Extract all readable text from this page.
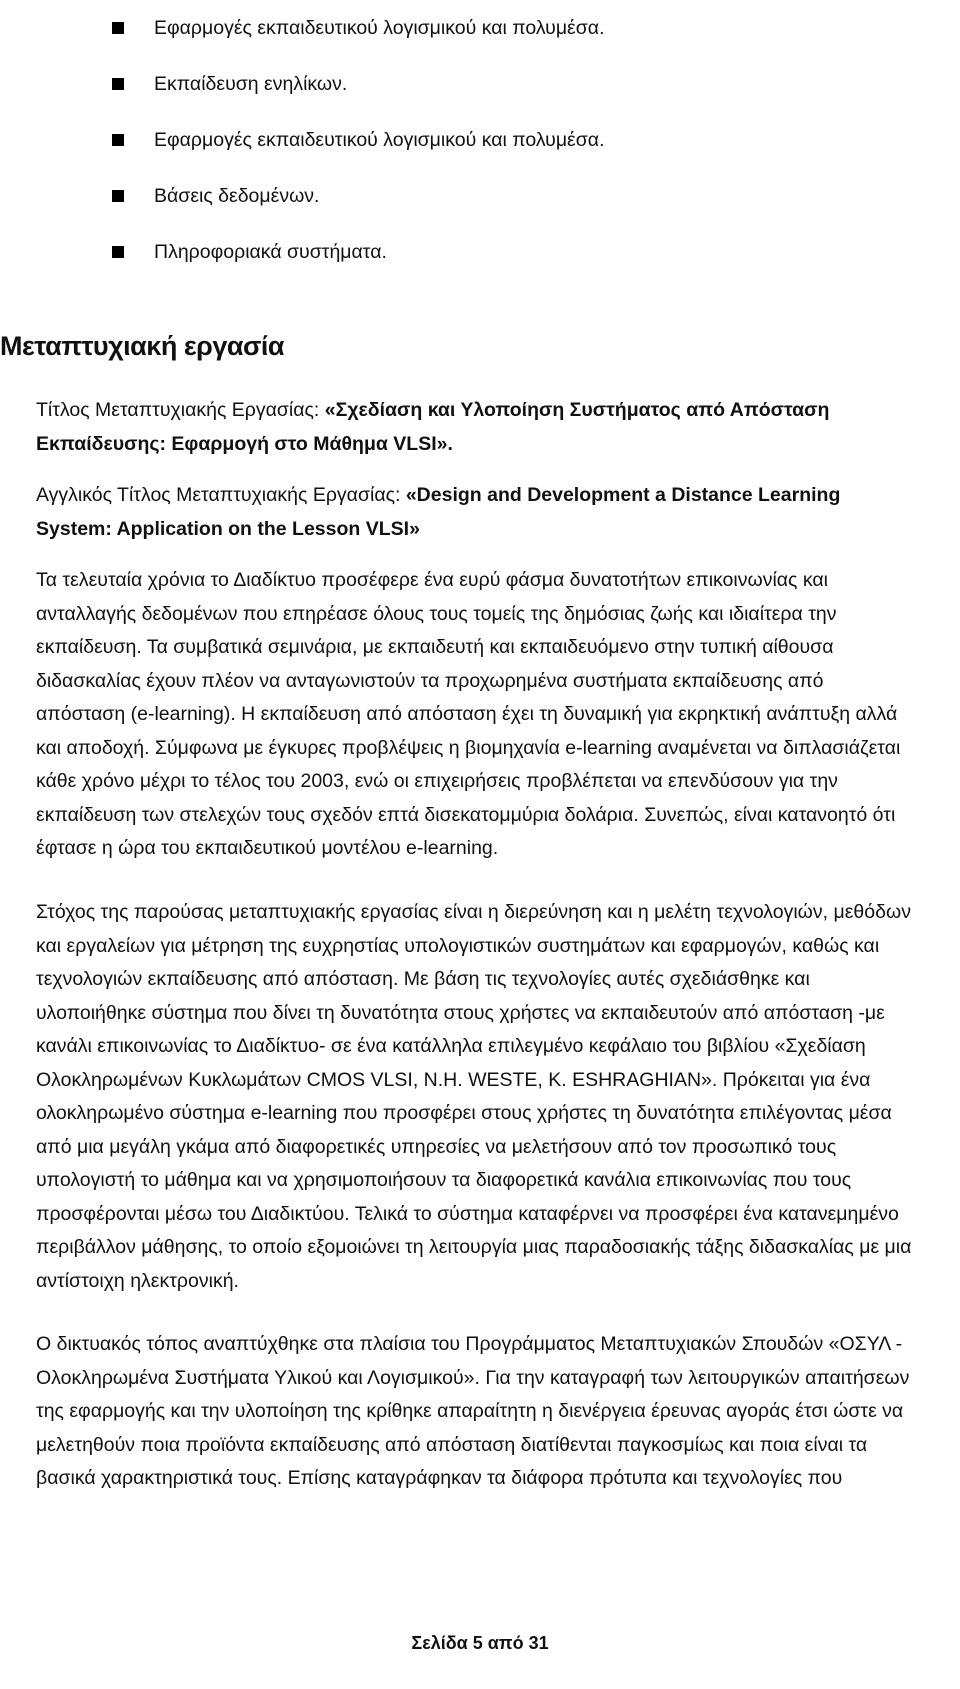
Εφαρμογές εκπαιδευτικού λογισμικού και πολυμέσα.
Εκπαίδευση ενηλίκων.
Εφαρμογές εκπαιδευτικού λογισμικού και πολυμέσα.
Βάσεις δεδομένων.
Πληροφοριακά συστήματα.
Μεταπτυχιακή εργασία

Τίτλος Μεταπτυχιακής Εργασίας: «Σχεδίαση και Υλοποίηση Συστήματος από Απόσταση Εκπαίδευσης: Εφαρμογή στο Μάθημα VLSI».

Αγγλικός Τίτλος Μεταπτυχιακής Εργασίας: «Design and Development a Distance Learning System: Application on the Lesson VLSI»

Τα τελευταία χρόνια το Διαδίκτυο προσέφερε ένα ευρύ φάσμα δυνατοτήτων επικοινωνίας και ανταλλαγής δεδομένων που επηρέασε όλους τους τομείς της δημόσιας ζωής και ιδιαίτερα την εκπαίδευση. Τα συμβατικά σεμινάρια, με εκπαιδευτή και εκπαιδευόμενο στην τυπική αίθουσα διδασκαλίας έχουν πλέον να ανταγωνιστούν τα προχωρημένα συστήματα εκπαίδευσης από απόσταση (e-learning). Η εκπαίδευση από απόσταση έχει τη δυναμική για εκρηκτική ανάπτυξη αλλά και αποδοχή. Σύμφωνα με έγκυρες προβλέψεις η βιομηχανία e-learning αναμένεται να διπλασιάζεται κάθε χρόνο μέχρι το τέλος του 2003, ενώ οι επιχειρήσεις προβλέπεται να επενδύσουν για την εκπαίδευση των στελεχών τους σχεδόν επτά δισεκατομμύρια δολάρια. Συνεπώς, είναι κατανοητό ότι έφτασε η ώρα του εκπαιδευτικού μοντέλου e-learning.

Στόχος της παρούσας μεταπτυχιακής εργασίας είναι η διερεύνηση και η μελέτη τεχνολογιών, μεθόδων και εργαλείων για μέτρηση της ευχρηστίας υπολογιστικών συστημάτων και εφαρμογών, καθώς και τεχνολογιών εκπαίδευσης από απόσταση. Με βάση τις τεχνολογίες αυτές σχεδιάσθηκε και υλοποιήθηκε σύστημα που δίνει τη δυνατότητα στους χρήστες να εκπαιδευτούν από απόσταση -με κανάλι επικοινωνίας το Διαδίκτυο- σε ένα κατάλληλα επιλεγμένο κεφάλαιο του βιβλίου «Σχεδίαση Ολοκληρωμένων Κυκλωμάτων CMOS VLSI, N.H. WESTE, K. ESHRAGHIAN». Πρόκειται για ένα ολοκληρωμένο σύστημα e-learning που προσφέρει στους χρήστες τη δυνατότητα επιλέγοντας μέσα από μια μεγάλη γκάμα από διαφορετικές υπηρεσίες να μελετήσουν από τον προσωπικό τους υπολογιστή το μάθημα και να χρησιμοποιήσουν τα διαφορετικά κανάλια επικοινωνίας που τους προσφέρονται μέσω του Διαδικτύου. Τελικά το σύστημα καταφέρνει να προσφέρει ένα κατανεμημένο περιβάλλον μάθησης, το οποίο εξομοιώνει τη λειτουργία μιας παραδοσιακής τάξης διδασκαλίας με μια αντίστοιχη ηλεκτρονική.

Ο δικτυακός τόπος αναπτύχθηκε στα πλαίσια του Προγράμματος Μεταπτυχιακών Σπουδών «ΟΣΥΛ - Ολοκληρωμένα Συστήματα Υλικού και Λογισμικού». Για την καταγραφή των λειτουργικών απαιτήσεων της εφαρμογής και την υλοποίηση της κρίθηκε απαραίτητη η διενέργεια έρευνας αγοράς έτσι ώστε να μελετηθούν ποια προϊόντα εκπαίδευσης από απόσταση διατίθενται παγκοσμίως και ποια είναι τα βασικά χαρακτηριστικά τους. Επίσης καταγράφηκαν τα διάφορα πρότυπα και τεχνολογίες που

Σελίδα 5 από 31
